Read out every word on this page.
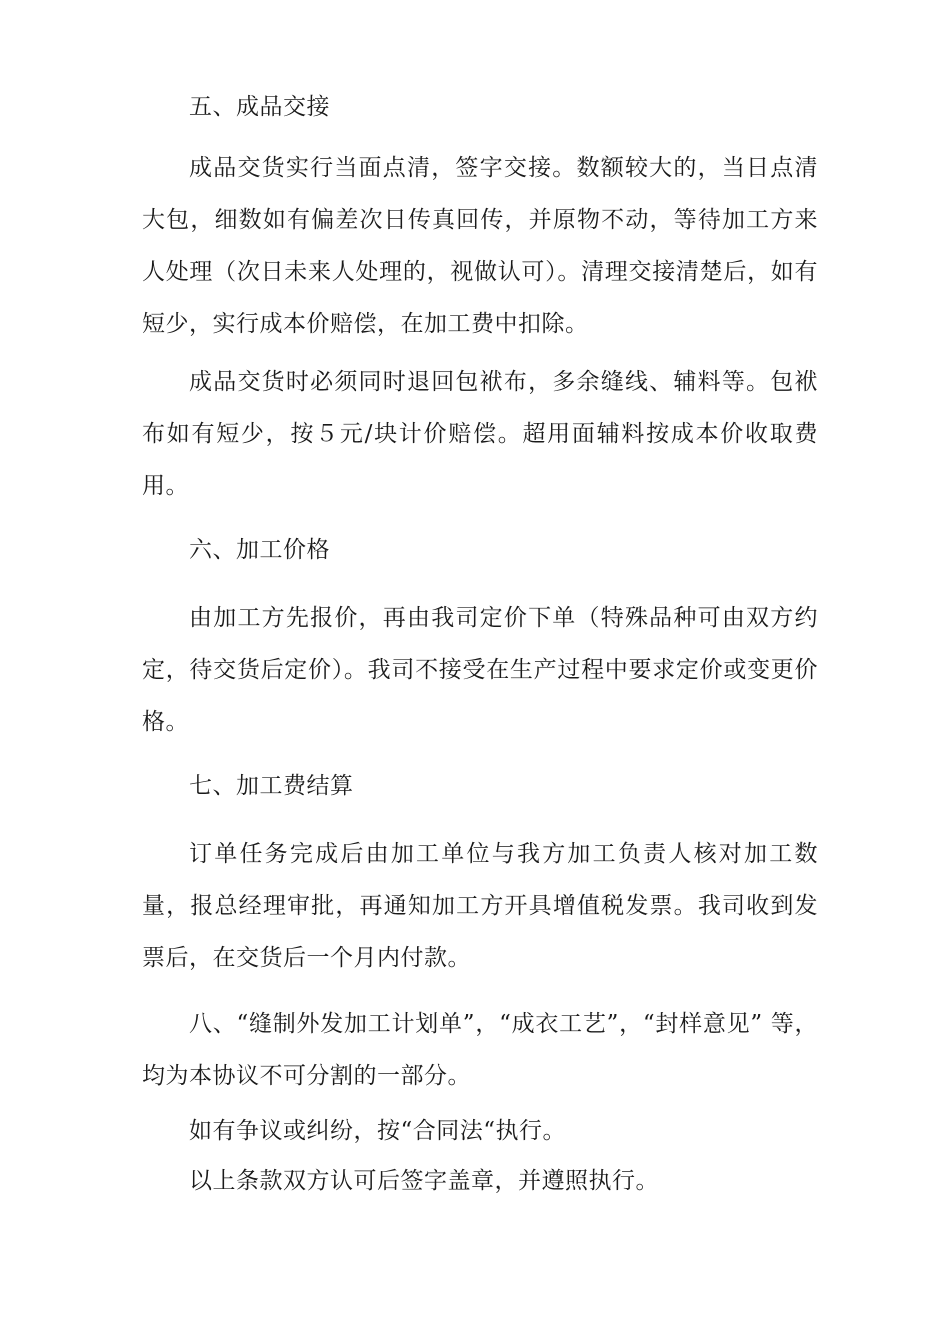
五、成品交接

成品交货实行当面点清，签字交接。数额较大的，当日点清大包，细数如有偏差次日传真回传，并原物不动，等待加工方来人处理（次日未来人处理的，视做认可）。清理交接清楚后，如有 短少，实行成本价赔偿，在加工费中扣除。

成品交货时必须同时退回包袱布，多余缝线、辅料等。包袱布如有短少，按５元/块计价赔偿。超用面辅料按成本价收取费用。

六、加工价格

由加工方先报价，再由我司定价下单（特殊品种可由双方约定，待交货后定价）。我司不接受在生产过程中要求定价或变更价格。

七、加工费结算

订单任务完成后由加工单位与我方加工负责人核对加工数量，报总经理审批，再通知加工方开具增值税发票。我司收到发票后，在交货后一个月内付款。

八、“缝制外发加工计划单”，“成衣工艺”，“封样意见” 等，均为本协议不可分割的一部分。

如有争议或纠纷，按“合同法“执行。

以上条款双方认可后签字盖章，并遵照执行。
